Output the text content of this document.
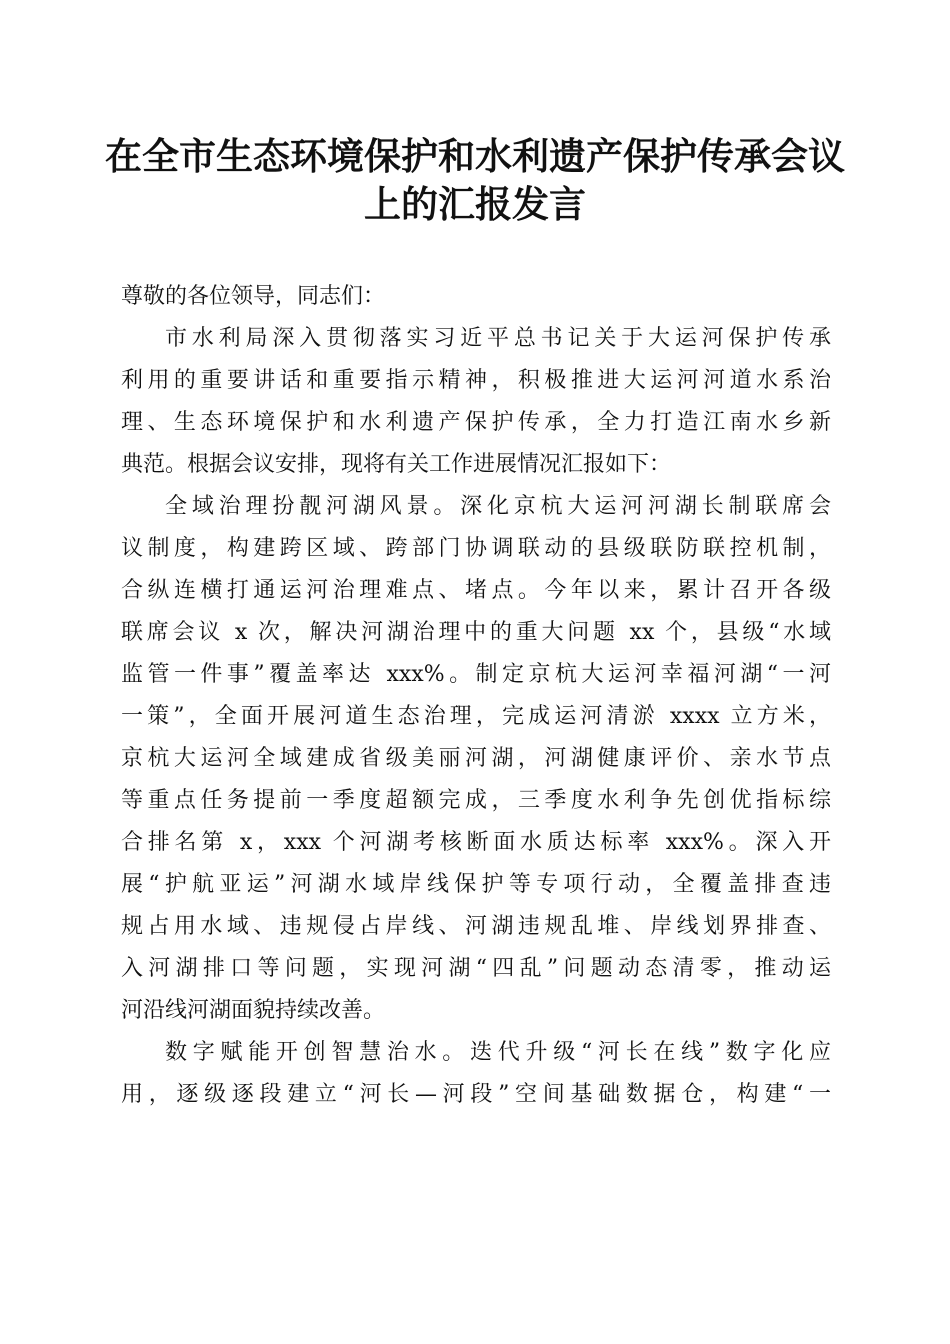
在全市生态环境保护和水利遗产保护传承会议
上的汇报发言

尊敬的各位领导，同志们：

市水利局深入贯彻落实习近平总书记关于大运河保护传承
利用的重要讲话和重要指示精神，积极推进大运河河道水系治
理、生态环境保护和水利遗产保护传承，全力打造江南水乡新
典范。根据会议安排，现将有关工作进展情况汇报如下：

全域治理扮靓河湖风景。深化京杭大运河河湖长制联席会
议制度，构建跨区域、跨部门协调联动的县级联防联控机制，
合纵连横打通运河治理难点、堵点。今年以来，累计召开各级
联席会议 x 次，解决河湖治理中的重大问题 xx 个，县级“水域
监管一件事”覆盖率达 xxx%。制定京杭大运河幸福河湖“一河
一策”，全面开展河道生态治理，完成运河清淤 xxxx 立方米，
京杭大运河全域建成省级美丽河湖，河湖健康评价、亲水节点
等重点任务提前一季度超额完成，三季度水利争先创优指标综
合排名第 x，xxx 个河湖考核断面水质达标率 xxx%。深入开
展“护航亚运”河湖水域岸线保护等专项行动，全覆盖排查违
规占用水域、违规侵占岸线、河湖违规乱堆、岸线划界排查、
入河湖排口等问题，实现河湖“四乱”问题动态清零，推动运
河沿线河湖面貌持续改善。

数字赋能开创智慧治水。迭代升级“河长在线”数字化应
用，逐级逐段建立“河长—河段”空间基础数据仓，构建“一
